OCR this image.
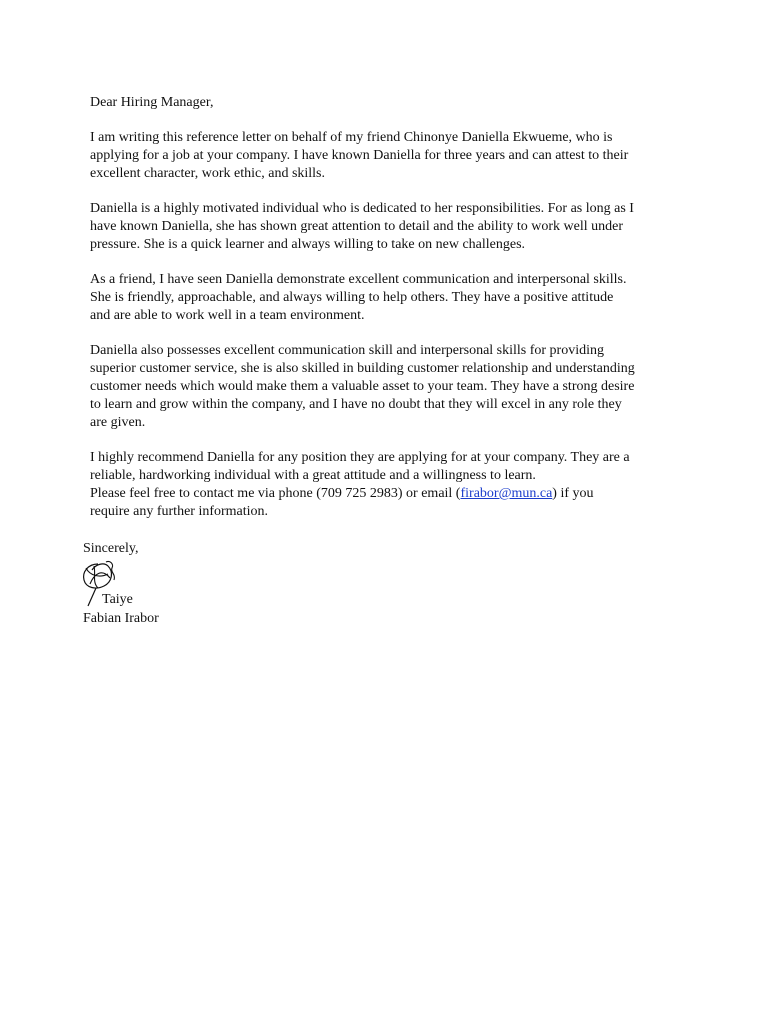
Dear Hiring Manager,

I am writing this reference letter on behalf of my friend Chinonye Daniella Ekwueme, who is
applying for a job at your company. I have known Daniella for three years and can attest to their
excellent character, work ethic, and skills.

Daniella is a highly motivated individual who is dedicated to her responsibilities. For as long as I
have known Daniella, she has shown great attention to detail and the ability to work well under
pressure. She is a quick learner and always willing to take on new challenges.

As a friend, I have seen Daniella demonstrate excellent communication and interpersonal skills.
She is friendly, approachable, and always willing to help others. They have a positive attitude
and are able to work well in a team environment.

Daniella also possesses excellent communication skill and interpersonal skills for providing
superior customer service, she is also skilled in building customer relationship and understanding
customer needs which would make them a valuable asset to your team. They have a strong desire
to learn and grow within the company, and I have no doubt that they will excel in any role they
are given.

I highly recommend Daniella for any position they are applying for at your company. They are a
reliable, hardworking individual with a great attitude and a willingness to learn.
Please feel free to contact me via phone (709 725 2983) or email (firabor@mun.ca) if you
require any further information.

Sincerely,

Taiye

Fabian Irabor
